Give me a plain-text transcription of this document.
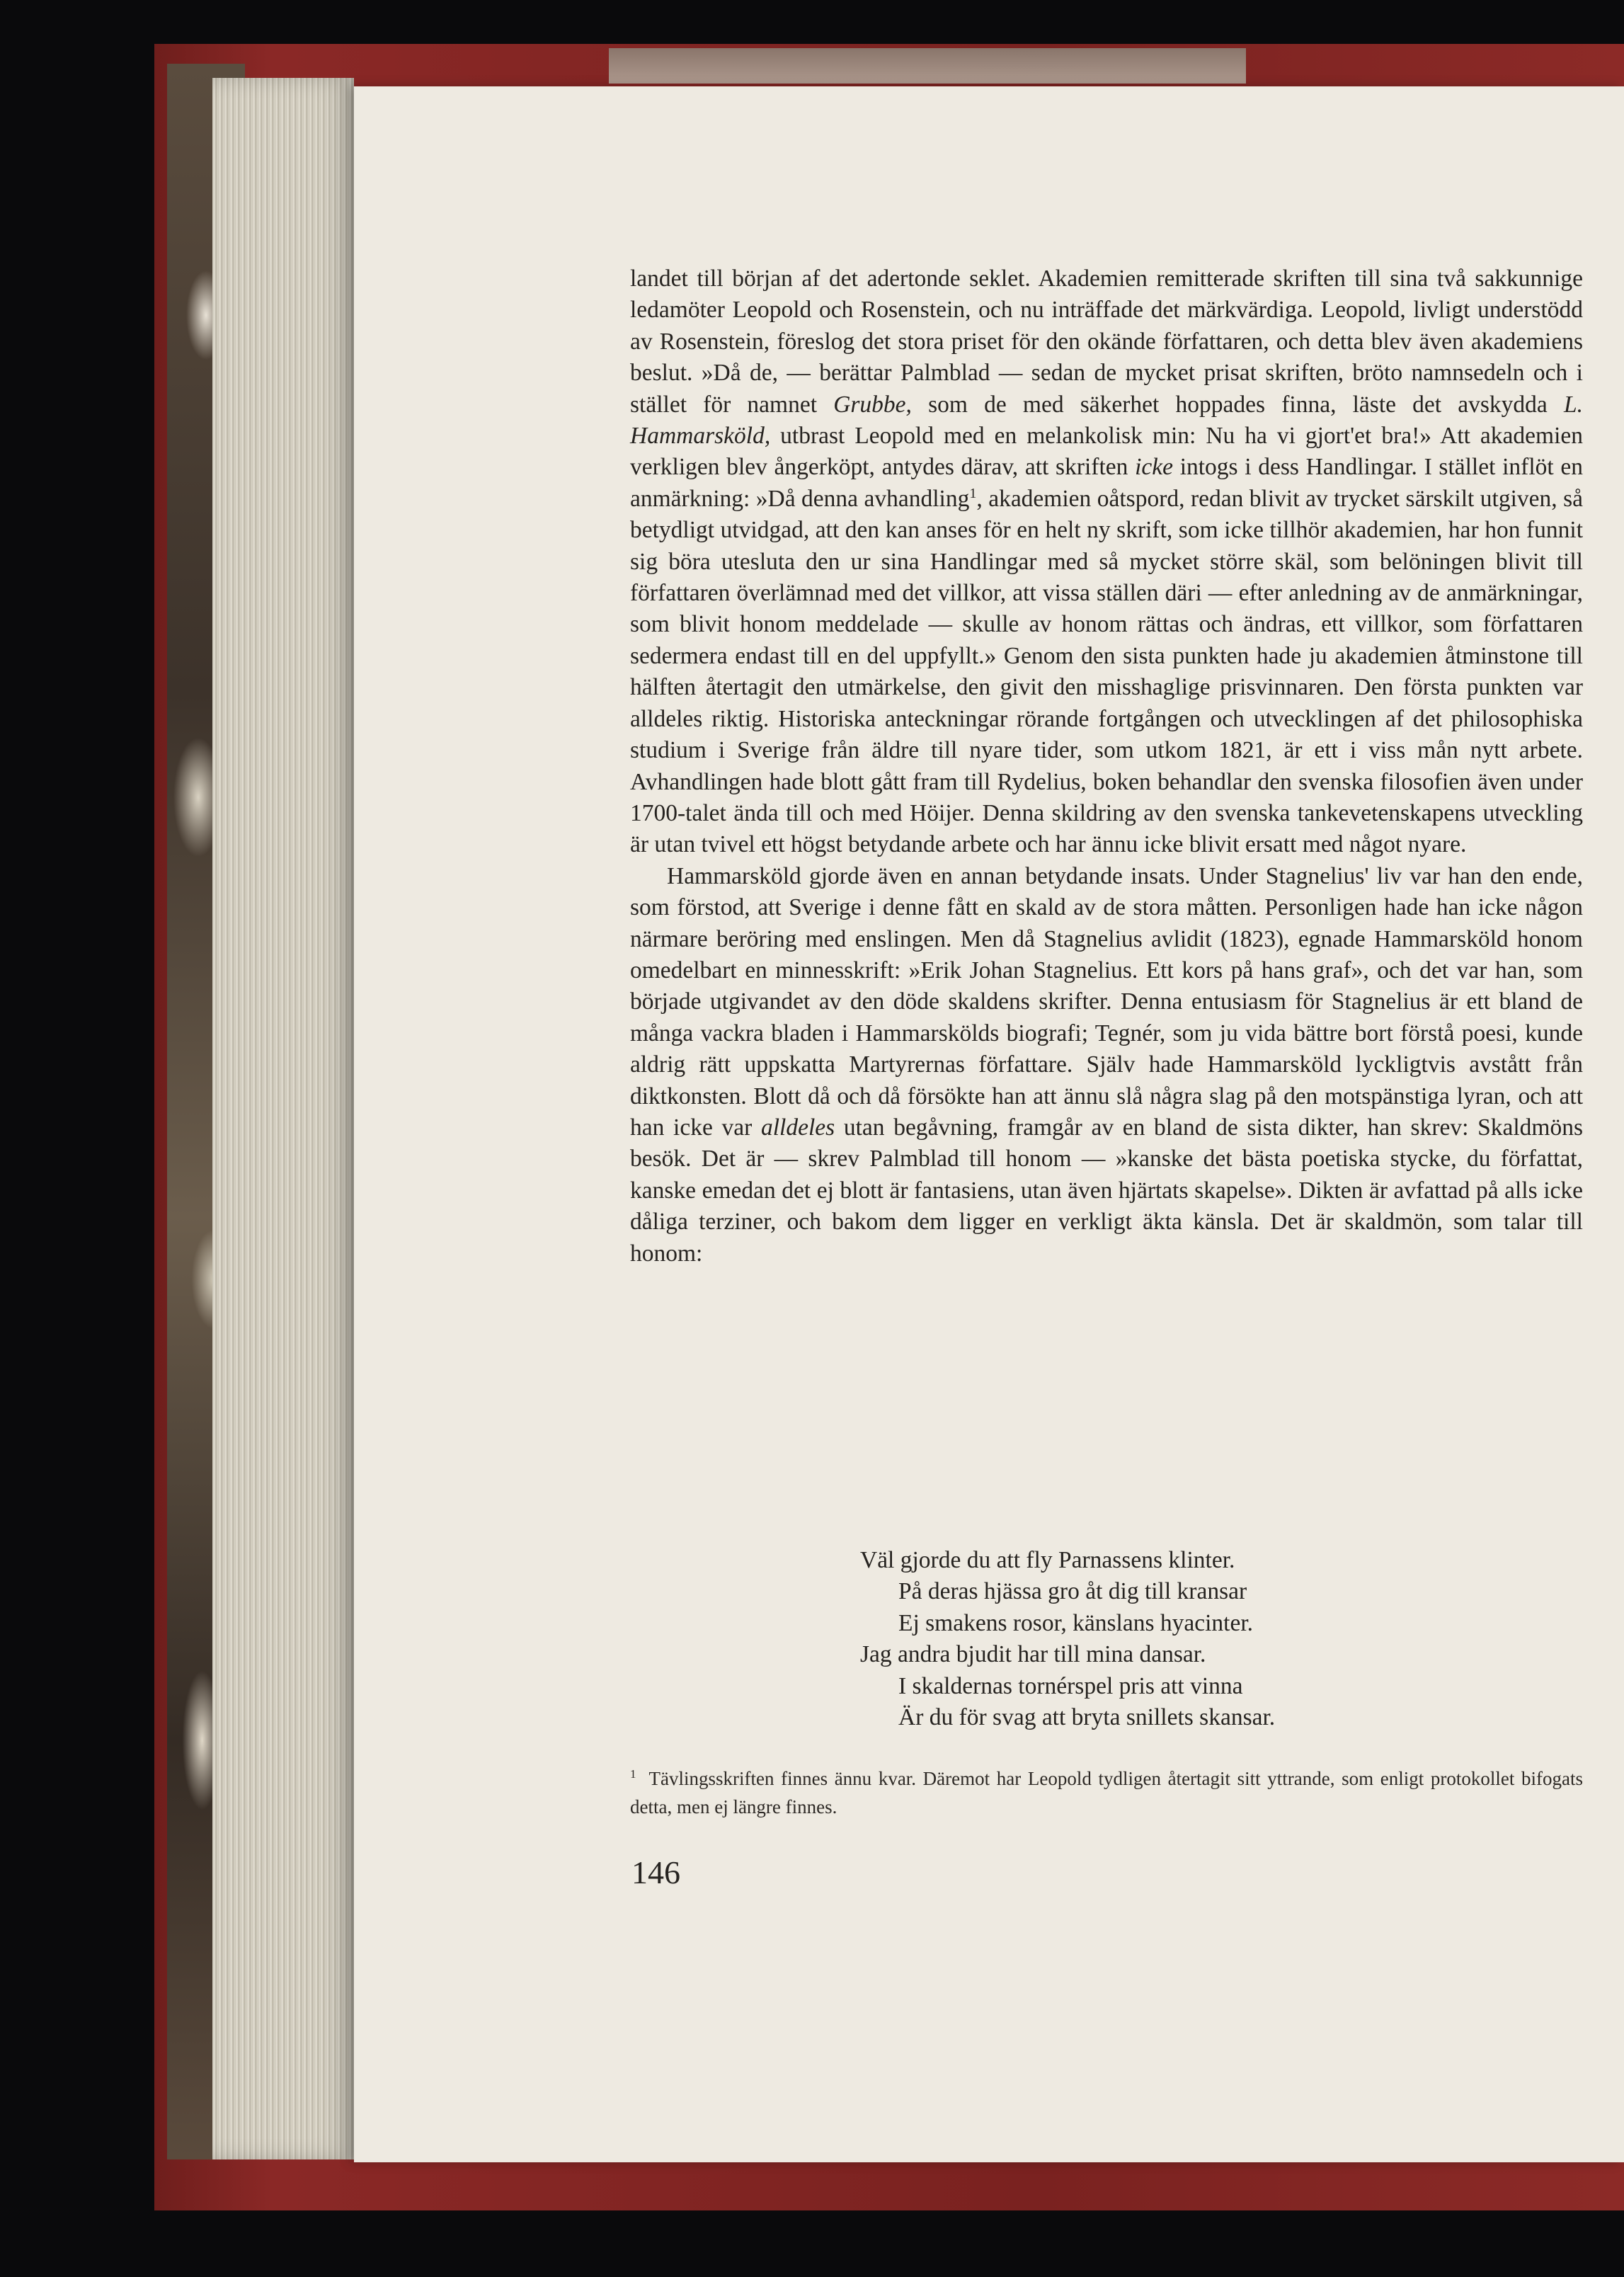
landet till början af det adertonde seklet. Akademien remitterade skriften till sina två sakkunnige ledamöter Leopold och Rosenstein, och nu inträffade det märkvärdiga. Leopold, livligt understödd av Rosenstein, föreslog det stora priset för den okände författaren, och detta blev även akademiens beslut. »Då de, — berättar Palmblad — sedan de mycket prisat skriften, bröto namnsedeln och i stället för namnet Grubbe, som de med säkerhet hoppades finna, läste det avskydda L. Hammarsköld, utbrast Leopold med en melankolisk min: Nu ha vi gjort'et bra!» Att akademien verkligen blev ångerköpt, antydes därav, att skriften icke intogs i dess Handlingar. I stället inflöt en anmärkning: »Då denna avhandling$^1$, akademien oåtspord, redan blivit av trycket särskilt utgiven, så betydligt utvidgad, att den kan anses för en helt ny skrift, som icke tillhör akademien, har hon funnit sig böra utesluta den ur sina Handlingar med så mycket större skäl, som belöningen blivit till författaren överlämnad med det villkor, att vissa ställen däri — efter anledning av de anmärkningar, som blivit honom meddelade — skulle av honom rättas och ändras, ett villkor, som författaren sedermera endast till en del uppfyllt.» Genom den sista punkten hade ju akademien åtminstone till hälften återtagit den utmärkelse, den givit den misshaglige prisvinnaren. Den första punkten var alldeles riktig. Historiska anteckningar rörande fortgången och utvecklingen af det philosophiska studium i Sverige från äldre till nyare tider, som utkom 1821, är ett i viss mån nytt arbete. Avhandlingen hade blott gått fram till Rydelius, boken behandlar den svenska filosofien även under 1700-talet ända till och med Höijer. Denna skildring av den svenska tankevetenskapens utveckling är utan tvivel ett högst betydande arbete och har ännu icke blivit ersatt med något nyare.

Hammarsköld gjorde även en annan betydande insats. Under Stagnelius' liv var han den ende, som förstod, att Sverige i denne fått en skald av de stora måtten. Personligen hade han icke någon närmare beröring med enslingen. Men då Stagnelius avlidit (1823), egnade Hammarsköld honom omedelbart en minnesskrift: »Erik Johan Stagnelius. Ett kors på hans graf», och det var han, som började utgivandet av den döde skaldens skrifter. Denna entusiasm för Stagnelius är ett bland de många vackra bladen i Hammarskölds biografi; Tegnér, som ju vida bättre bort förstå poesi, kunde aldrig rätt uppskatta Martyrernas författare. Själv hade Hammarsköld lyckligtvis avstått från diktkonsten. Blott då och då försökte han att ännu slå några slag på den motspänstiga lyran, och att han icke var alldeles utan begåvning, framgår av en bland de sista dikter, han skrev: Skaldmöns besök. Det är — skrev Palmblad till honom — »kanske det bästa poetiska stycke, du författat, kanske emedan det ej blott är fantasiens, utan även hjärtats skapelse». Dikten är avfattad på alls icke dåliga terziner, och bakom dem ligger en verkligt äkta känsla. Det är skaldmön, som talar till honom:

Väl gjorde du att fly Parnassens klinter.
På deras hjässa gro åt dig till kransar
Ej smakens rosor, känslans hyacinter.
Jag andra bjudit har till mina dansar.
I skaldernas tornérspel pris att vinna
Är du för svag att bryta snillets skansar.
$^1$ Tävlingsskriften finnes ännu kvar. Däremot har Leopold tydligen återtagit sitt yttrande, som enligt protokollet bifogats detta, men ej längre finnes.
146
